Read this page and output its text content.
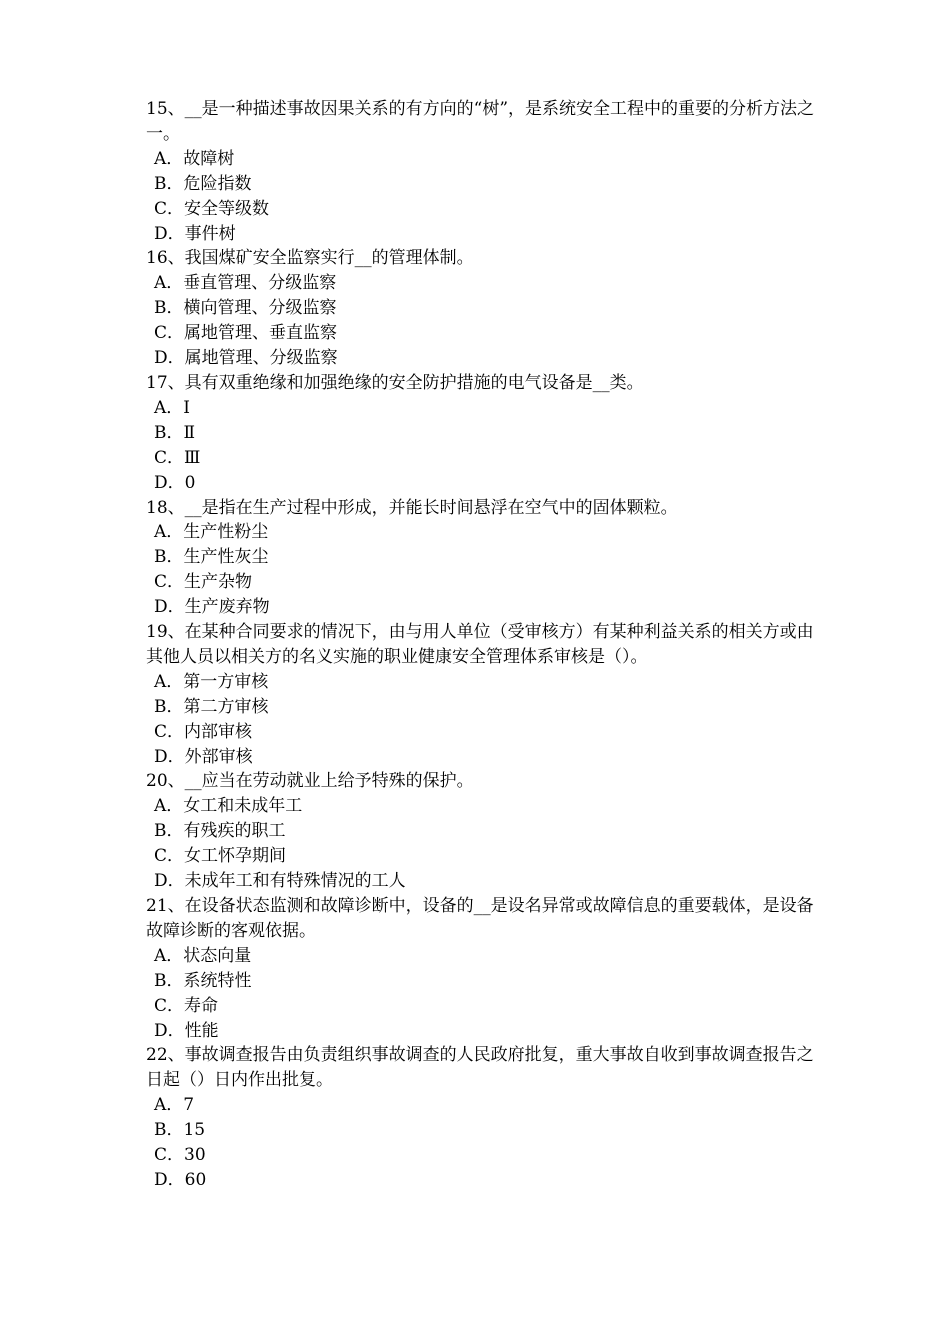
15、__是一种描述事故因果关系的有方向的“树”，是系统安全工程中的重要的分析方法之一。

A．故障树

B．危险指数

C．安全等级数

D．事件树

16、我国煤矿安全监察实行__的管理体制。

A．垂直管理、分级监察

B．横向管理、分级监察

C．属地管理、垂直监察

D．属地管理、分级监察

17、具有双重绝缘和加强绝缘的安全防护措施的电气设备是__类。

A．Ⅰ

B．Ⅱ

C．Ⅲ

D．0

18、__是指在生产过程中形成，并能长时间悬浮在空气中的固体颗粒。

A．生产性粉尘

B．生产性灰尘

C．生产杂物

D．生产废弃物

19、在某种合同要求的情况下，由与用人单位（受审核方）有某种利益关系的相关方或由其他人员以相关方的名义实施的职业健康安全管理体系审核是（）。

A．第一方审核

B．第二方审核

C．内部审核

D．外部审核

20、__应当在劳动就业上给予特殊的保护。

A．女工和未成年工

B．有残疾的职工

C．女工怀孕期间

D．未成年工和有特殊情况的工人

21、在设备状态监测和故障诊断中，设备的__是设名异常或故障信息的重要载体，是设备故障诊断的客观依据。

A．状态向量

B．系统特性

C．寿命

D．性能

22、事故调查报告由负责组织事故调查的人民政府批复，重大事故自收到事故调查报告之日起（）日内作出批复。

A．7

B．15

C．30

D．60
